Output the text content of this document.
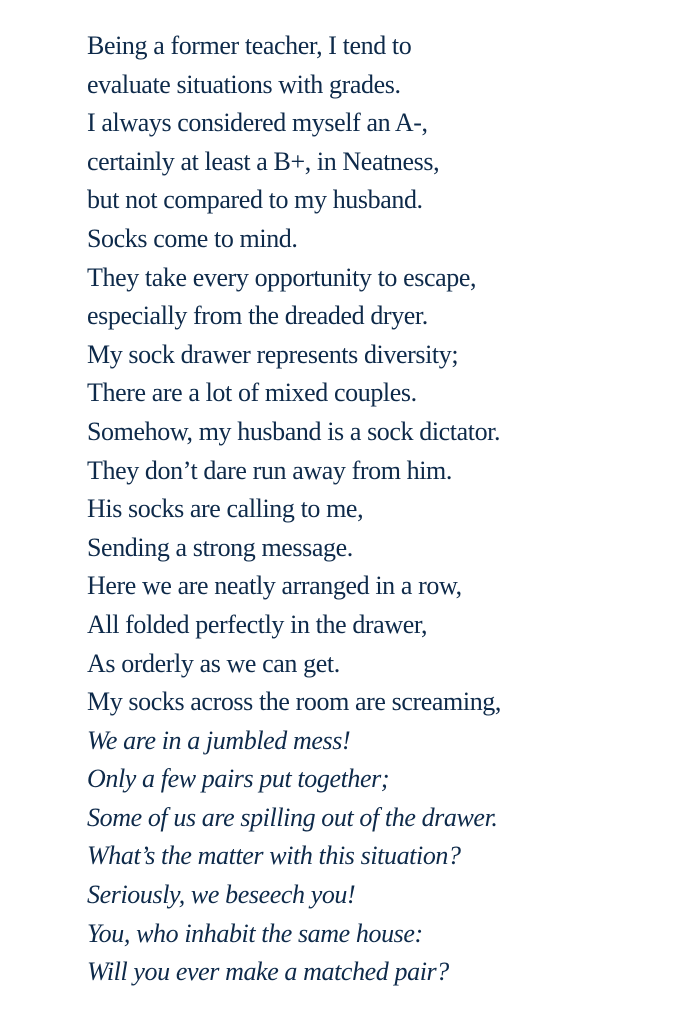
Being a former teacher, I tend to
evaluate situations with grades.
I always considered myself an A-,
certainly at least a B+, in Neatness,
but not compared to my husband.
Socks come to mind.
They take every opportunity to escape,
especially from the dreaded dryer.
My sock drawer represents diversity;
There are a lot of mixed couples.
Somehow, my husband is a sock dictator.
They don’t dare run away from him.
His socks are calling to me,
Sending a strong message.
Here we are neatly arranged in a row,
All folded perfectly in the drawer,
As orderly as we can get.
My socks across the room are screaming,
We are in a jumbled mess!
Only a few pairs put together;
Some of us are spilling out of the drawer.
What’s the matter with this situation?
Seriously, we beseech you!
You, who inhabit the same house:
Will you ever make a matched pair?
